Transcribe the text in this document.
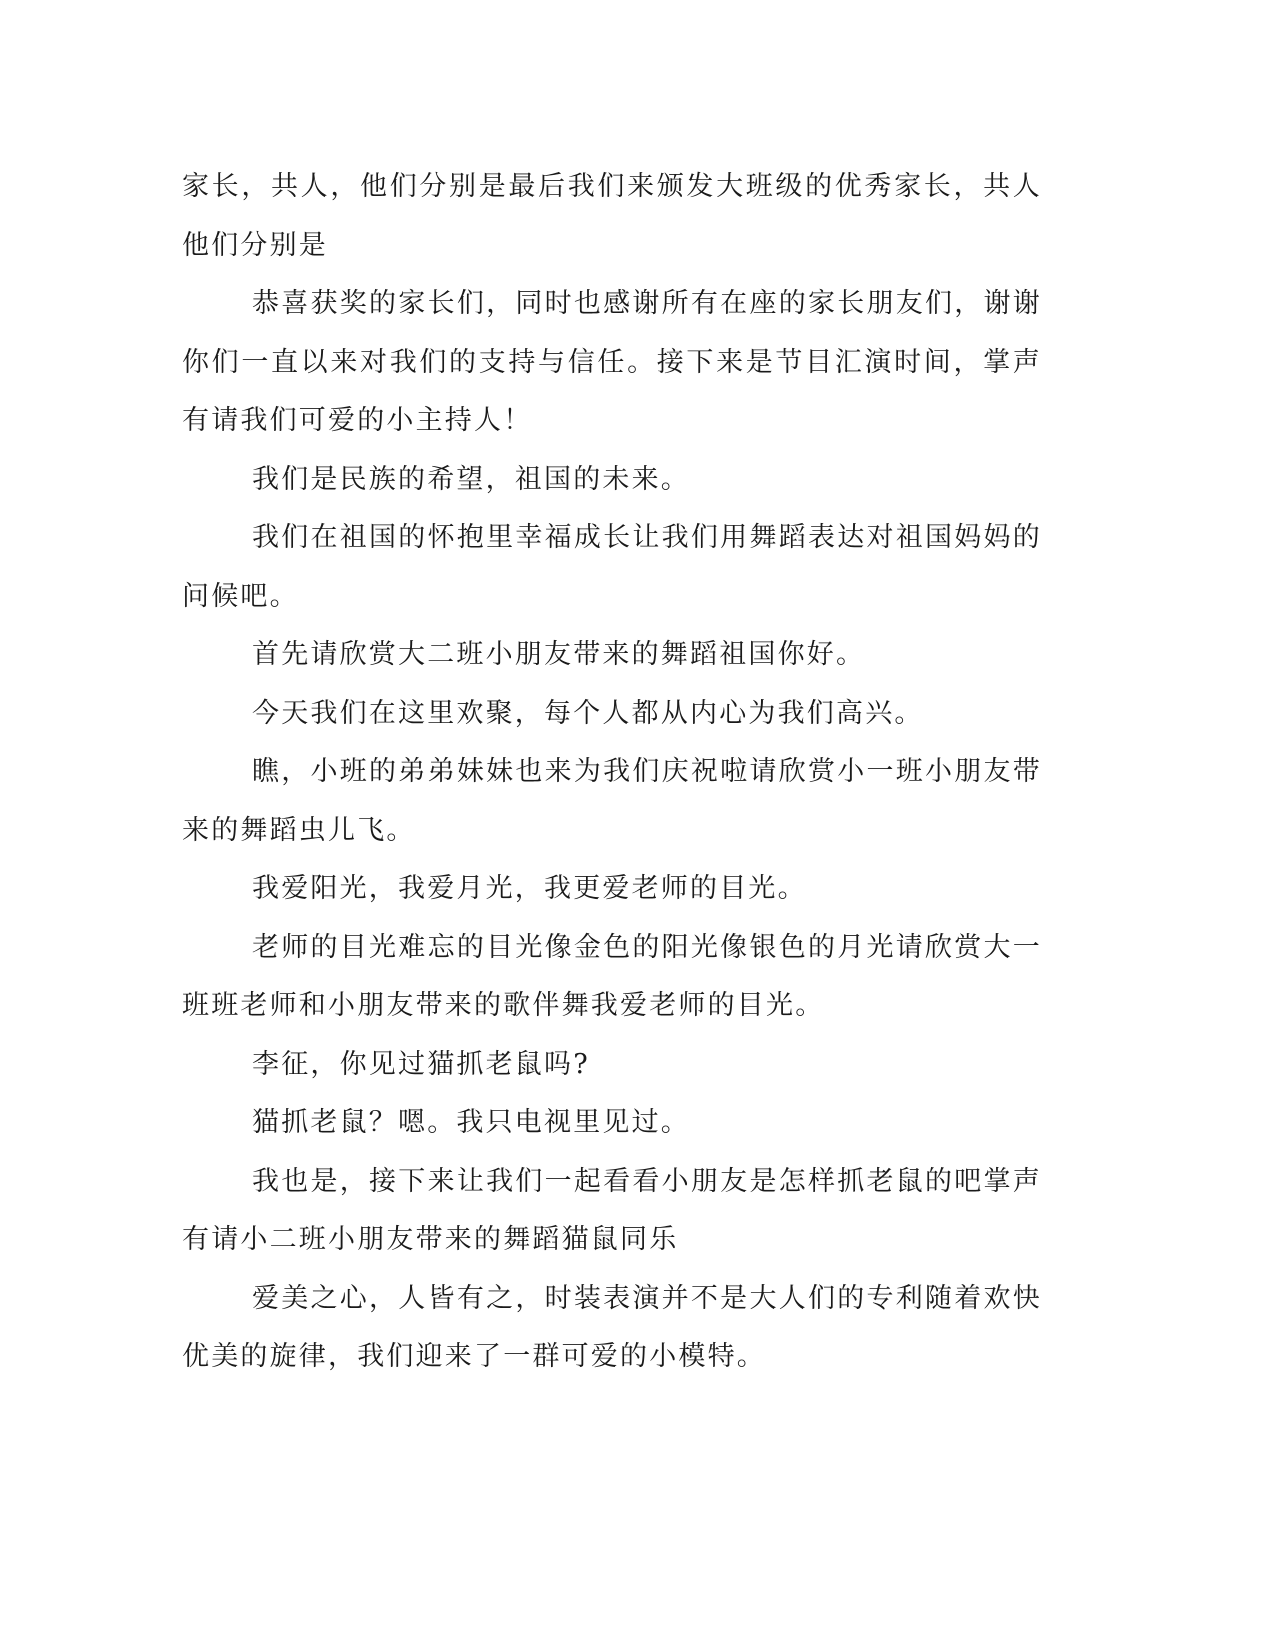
家长，共人，他们分别是最后我们来颁发大班级的优秀家长，共人他们分别是

恭喜获奖的家长们，同时也感谢所有在座的家长朋友们，谢谢你们一直以来对我们的支持与信任。接下来是节目汇演时间，掌声有请我们可爱的小主持人！

我们是民族的希望，祖国的未来。

我们在祖国的怀抱里幸福成长让我们用舞蹈表达对祖国妈妈的问候吧。

首先请欣赏大二班小朋友带来的舞蹈祖国你好。

今天我们在这里欢聚，每个人都从内心为我们高兴。

瞧，小班的弟弟妹妹也来为我们庆祝啦请欣赏小一班小朋友带来的舞蹈虫儿飞。

我爱阳光，我爱月光，我更爱老师的目光。

老师的目光难忘的目光像金色的阳光像银色的月光请欣赏大一班班老师和小朋友带来的歌伴舞我爱老师的目光。

李征，你见过猫抓老鼠吗?

猫抓老鼠？嗯。我只电视里见过。

我也是，接下来让我们一起看看小朋友是怎样抓老鼠的吧掌声有请小二班小朋友带来的舞蹈猫鼠同乐

爱美之心，人皆有之，时装表演并不是大人们的专利随着欢快优美的旋律，我们迎来了一群可爱的小模特。
